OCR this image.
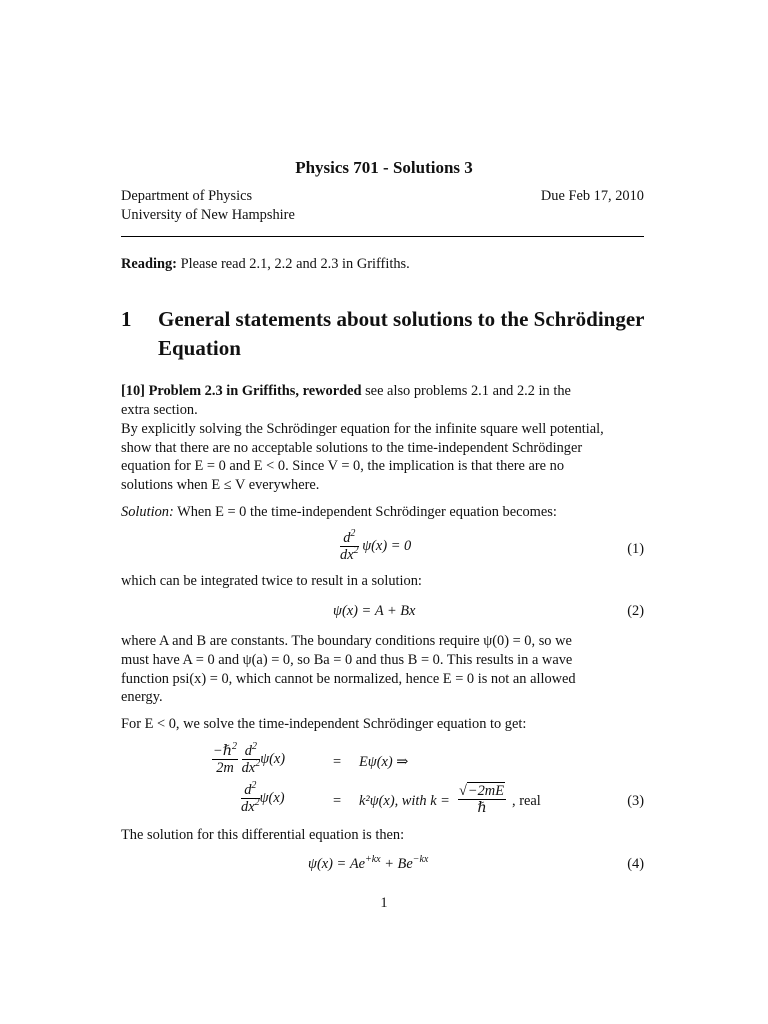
Physics 701 - Solutions 3
Department of Physics
University of New Hampshire
Due Feb 17, 2010
Reading: Please read 2.1, 2.2 and 2.3 in Griffiths.
1 General statements about solutions to the Schrödinger
Equation
[10] Problem 2.3 in Griffiths, reworded see also problems 2.1 and 2.2 in the
extra section.
By explicitly solving the Schrödinger equation for the infinite square well potential,
show that there are no acceptable solutions to the time-independent Schrödinger
equation for E = 0 and E < 0. Since V = 0, the implication is that there are no
solutions when E ≤ V everywhere.
Solution: When E = 0 the time-independent Schrödinger equation becomes:
$\frac{d^2}{dx^2} \psi(x) = 0$	(1)
which can be integrated twice to result in a solution:
ψ(x) = A + Bx	(2)
where A and B are constants. The boundary conditions require ψ(0) = 0, so we
must have A = 0 and ψ(a) = 0, so Ba = 0 and thus B = 0. This results in a wave
function psi(x) = 0, which cannot be normalized, hence E = 0 is not an allowed
energy.
For E < 0, we solve the time-independent Schrödinger equation to get:
$\frac{-\hbar^2}{2m}$
$\frac{d^2}{dx^2} \psi(x)$	= Eψ(x) ⇒
$\frac{d^2}{dx^2} \psi(x)$	= k²ψ(x), with $k = \frac{√-2mE}{\text{ℏ}}$ , real	(3)
The solution for this differential equation is then:
$\psi(x) = Ae^{+kx} + Be^{-kx}$	(4)
1
